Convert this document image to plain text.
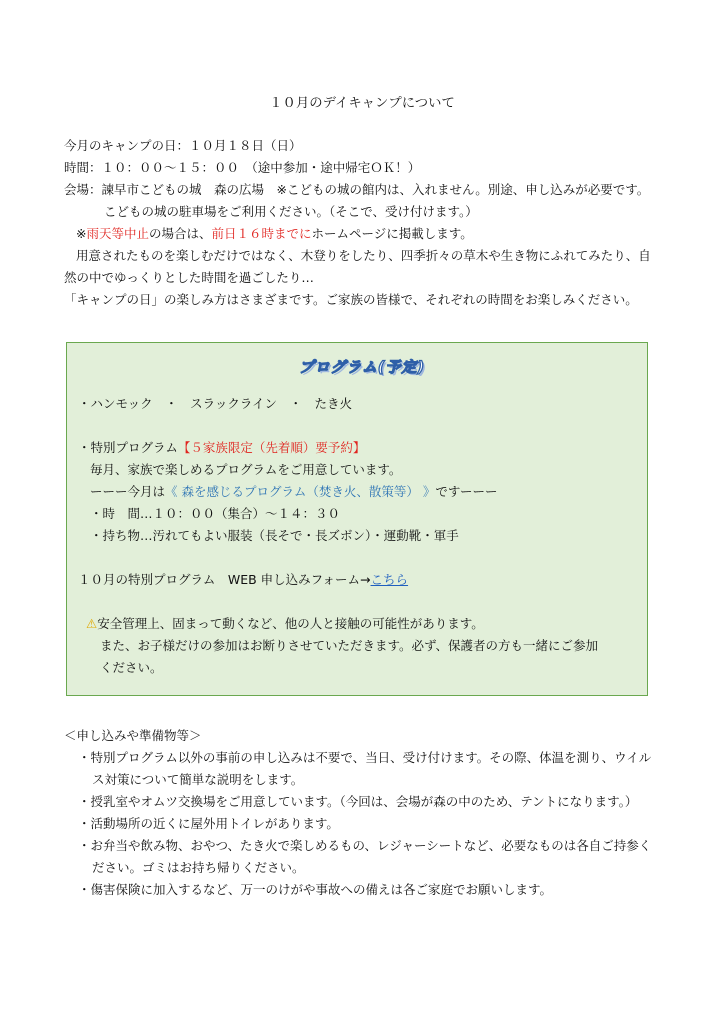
１０月のデイキャンプについて
今月のキャンプの日：１０月１８日（日）
時間：１０：００～１５：００　（途中参加・途中帰宅ＯＫ！）
会場：諫早市こどもの城　森の広場　※こどもの城の館内は、入れません。別途、申し込みが必要です。
こどもの城の駐車場をご利用ください。（そこで、受け付けます。）
※雨天等中止の場合は、前日１６時までにホームページに掲載します。
用意されたものを楽しむだけではなく、木登りをしたり、四季折々の草木や生き物にふれてみたり、自
然の中でゆっくりとした時間を過ごしたり…
「キャンプの日」の楽しみ方はさまざまです。ご家族の皆様で、それぞれの時間をお楽しみください。
プログラム(予定)
・ハンモック　・　スラックライン　・　たき火
・特別プログラム【５家族限定（先着順）要予約】
毎月、家族で楽しめるプログラムをご用意しています。
ーーー今月は《 森を感じるプログラム（焚き火、散策等） 》ですーーー
・時　間…１０：００（集合）～１４：３０
・持ち物…汚れてもよい服装（長そで・長ズボン）・運動靴・軍手
１０月の特別プログラム　WEB 申し込みフォーム→こちら
⚠安全管理上、固まって動くなど、他の人と接触の可能性があります。
また、お子様だけの参加はお断りさせていただきます。必ず、保護者の方も一緒にご参加
ください。
＜申し込みや準備物等＞
・特別プログラム以外の事前の申し込みは不要で、当日、受け付けます。その際、体温を測り、ウイル
ス対策について簡単な説明をします。
・授乳室やオムツ交換場をご用意しています。（今回は、会場が森の中のため、テントになります。）
・活動場所の近くに屋外用トイレがあります。
・お弁当や飲み物、おやつ、たき火で楽しめるもの、レジャーシートなど、必要なものは各自ご持参く
ださい。ゴミはお持ち帰りください。
・傷害保険に加入するなど、万一のけがや事故への備えは各ご家庭でお願いします。
